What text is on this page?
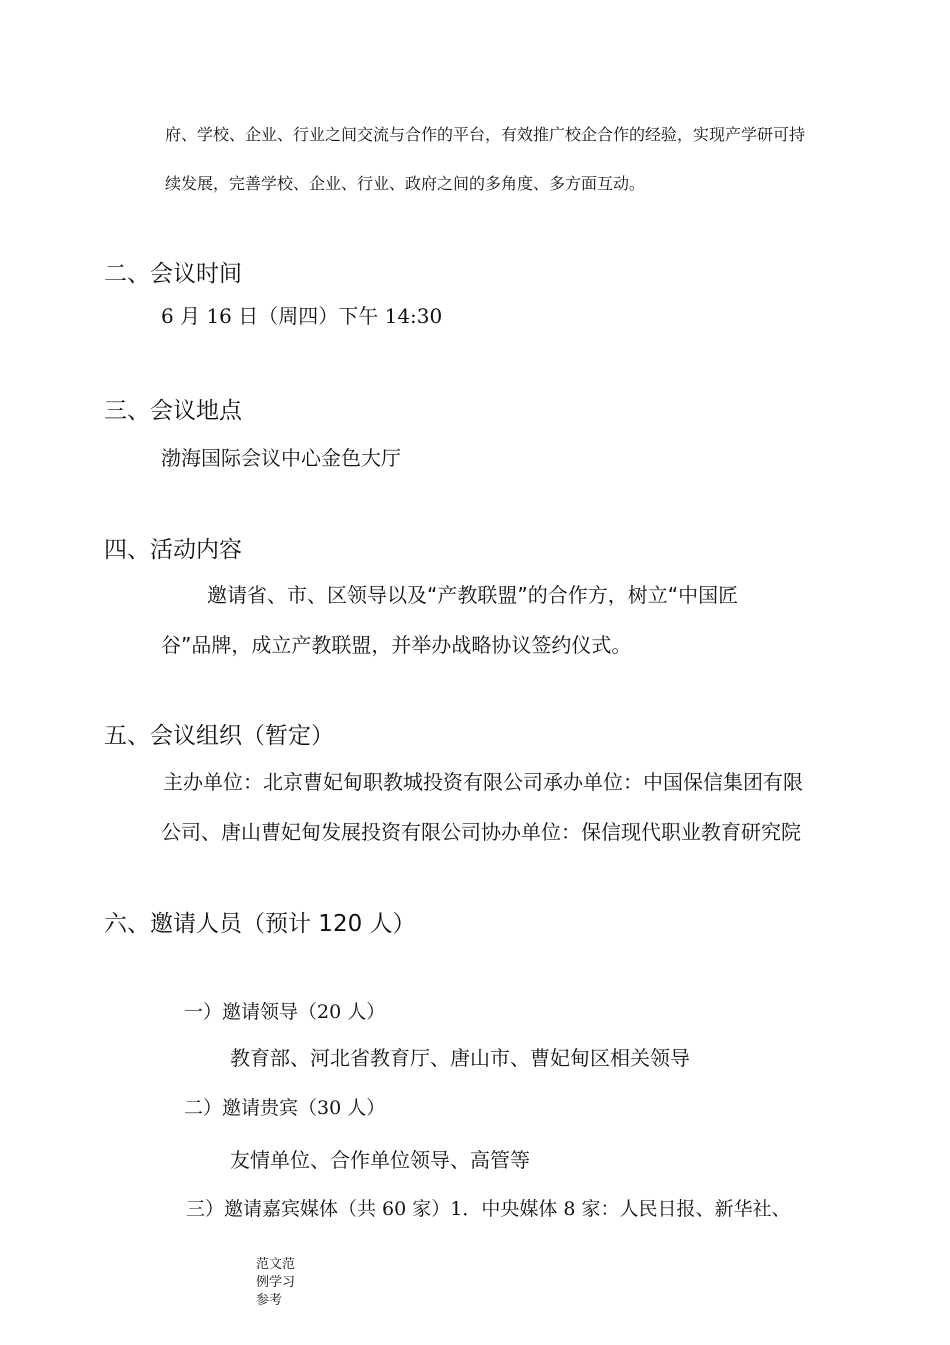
府、学校、企业、行业之间交流与合作的平台，有效推广校企合作的经验，实现产学研可持
续发展，完善学校、企业、行业、政府之间的多角度、多方面互动。
二、会议时间
6 月 16 日（周四）下午 14:30
三、会议地点
渤海国际会议中心金色大厅
四、活动内容
邀请省、市、区领导以及“产教联盟”的合作方，树立“中国匠
谷”品牌，成立产教联盟，并举办战略协议签约仪式。
五、会议组织（暂定）
主办单位：北京曹妃甸职教城投资有限公司承办单位：中国保信集团有限
公司、唐山曹妃甸发展投资有限公司协办单位：保信现代职业教育研究院
六、邀请人员（预计 120 人）
一）邀请领导（20 人）
教育部、河北省教育厅、唐山市、曹妃甸区相关领导
二）邀请贵宾（30 人）
友情单位、合作单位领导、高管等
三）邀请嘉宾媒体（共 60 家）1．中央媒体 8 家：人民日报、新华社、
范文范
例学习
参考
